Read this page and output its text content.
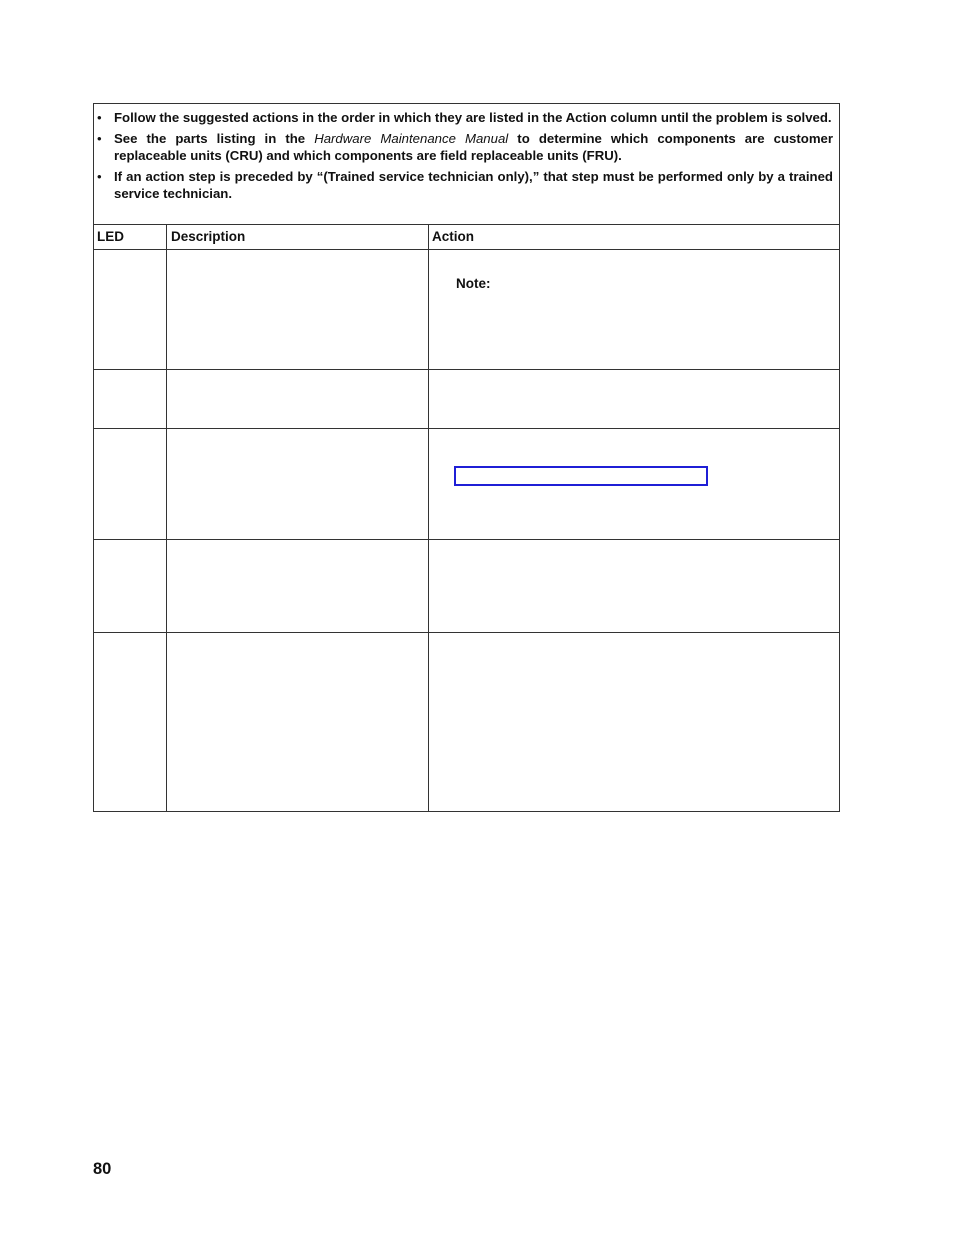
• Follow the suggested actions in the order in which they are listed in the Action column until the problem is solved.
• See the parts listing in the Hardware Maintenance Manual to determine which components are customer replaceable units (CRU) and which components are field replaceable units (FRU).
• If an action step is preceded by “(Trained service technician only),” that step must be performed only by a trained service technician.
LED	Description	Action
Note:
80
